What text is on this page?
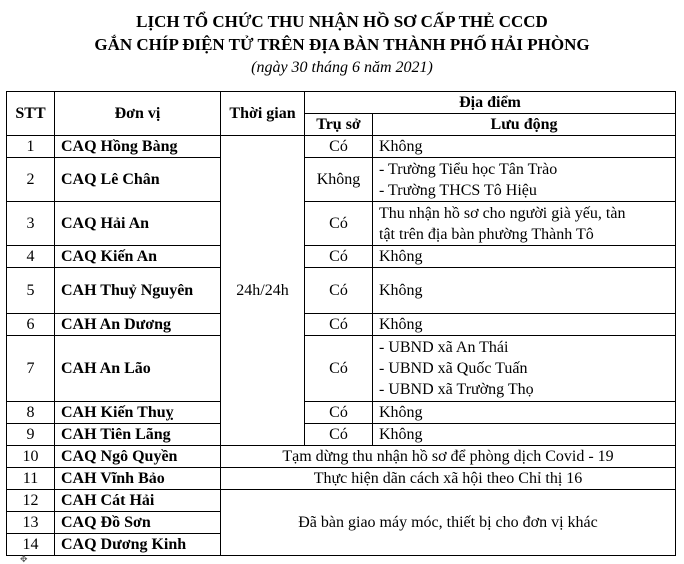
LỊCH TỔ CHỨC THU NHẬN HỒ SƠ CẤP THẺ CCCD
GẮN CHÍP ĐIỆN TỬ TRÊN ĐỊA BÀN THÀNH PHỐ HẢI PHÒNG
(ngày 30 tháng 6 năm 2021)
STT	Đơn vị	Thời gian	Địa điểm	
			Trụ sở	Lưu động
1	CAQ Hồng Bàng	24h/24h	Có	Không
2	CAQ Lê Chân		Không	- Trường Tiểu học Tân Trào
- Trường THCS Tô Hiệu

3	CAQ Hải An		Có	Thu nhận hồ sơ cho người già yếu, tàn
tật trên địa bàn phường Thành Tô

4	CAQ Kiến An		Có	Không
5	CAH Thuỷ Nguyên		Có	Không
6	CAH An Dương		Có	Không
7	CAH An Lão		Có	- UBND xã An Thái
- UBND xã Quốc Tuấn
- UBND xã Trường Thọ

8	CAH Kiến Thuỵ		Có	Không
9	CAH Tiên Lãng		Có	Không
10	CAQ Ngô Quyền	Tạm dừng thu nhận hồ sơ để phòng dịch Covid - 19		
11	CAH Vĩnh Bảo	Thực hiện dãn cách xã hội theo Chỉ thị 16		
12	CAH Cát Hải	Đã bàn giao máy móc, thiết bị cho đơn vị khác		
13	CAQ Đồ Sơn			
14	CAQ Dương Kinh			
✥
